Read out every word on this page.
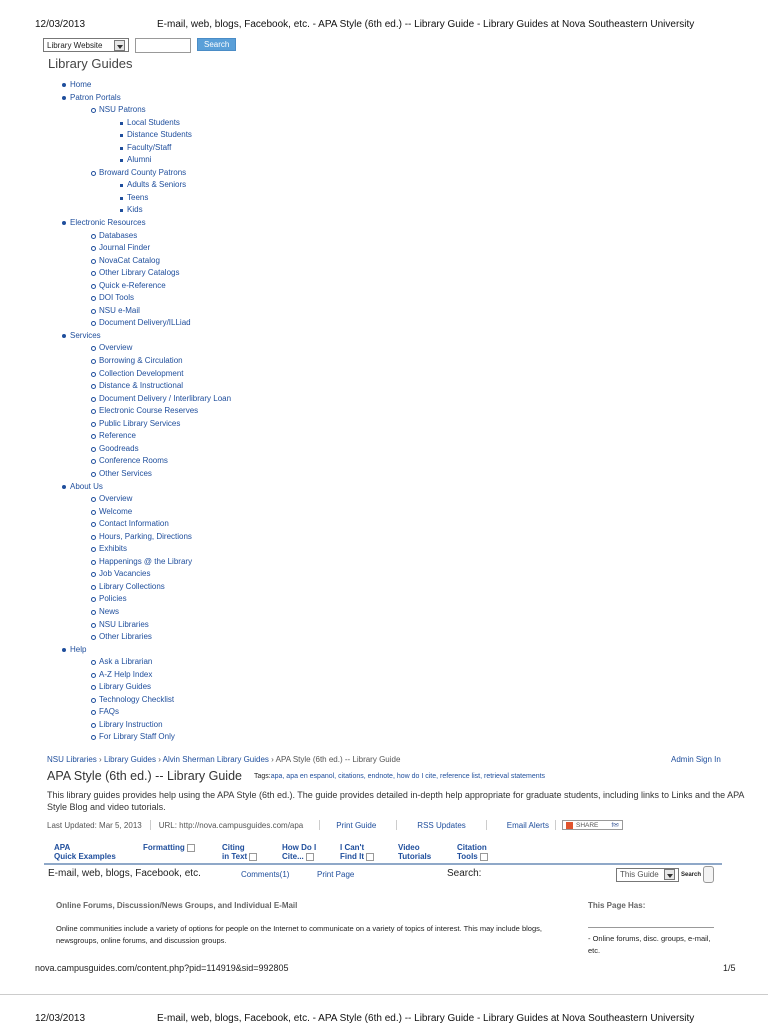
12/03/2013	E-mail, web, blogs, Facebook, etc. - APA Style (6th ed.) -- Library Guide - Library Guides at Nova Southeastern University
Library Website	Search
Library Guides
Home
Patron Portals
NSU Patrons
Local Students
Distance Students
Faculty/Staff
Alumni
Broward County Patrons
Adults & Seniors
Teens
Kids
Electronic Resources
Databases
Journal Finder
NovaCat Catalog
Other Library Catalogs
Quick e-Reference
DOI Tools
NSU e-Mail
Document Delivery/ILLiad
Services
Overview
Borrowing & Circulation
Collection Development
Distance & Instructional
Document Delivery / Interlibrary Loan
Electronic Course Reserves
Public Library Services
Reference
Goodreads
Conference Rooms
Other Services
About Us
Overview
Welcome
Contact Information
Hours, Parking, Directions
Exhibits
Happenings @ the Library
Job Vacancies
Library Collections
Policies
News
NSU Libraries
Other Libraries
Help
Ask a Librarian
A-Z Help Index
Library Guides
Technology Checklist
FAQs
Library Instruction
For Library Staff Only
NSU Libraries › Library Guides › Alvin Sherman Library Guides › APA Style (6th ed.) -- Library Guide	Admin Sign In
APA Style (6th ed.) -- Library Guide Tags:apa, apa en espanol, citations, endnote, how do I cite, reference list, retrieval statements
This library guides provides help using the APA Style (6th ed.). The guide provides detailed in-depth help appropriate for graduate students, including links to Links and the APA Style Blog and video tutorials.
Last Updated: Mar 5, 2013 URL: http://nova.campusguides.com/apa	Print Guide	RSS Updates	Email Alerts	SHARE f✉
APA
Quick Examples
Formatting	Citing
in Text
How Do I
Cite...
I Can't
Find It
Video
Tutorials
Citation
Tools
E-mail, web, blogs, Facebook, etc.	Comments(1)	Print Page	Search:	This Guide	Search
Online Forums, Discussion/News Groups, and Individual E-Mail
Online communities include a variety of options for people on the Internet to communicate on a variety of topics of interest. This may include blogs, newsgroups, online forums, and discussion groups.
This Page Has:
- Online forums, disc. groups, e-mail, etc.
nova.campusguides.com/content.php?pid=114919&sid=992805	1/5
12/03/2013	E-mail, web, blogs, Facebook, etc. - APA Style (6th ed.) -- Library Guide - Library Guides at Nova Southeastern University
